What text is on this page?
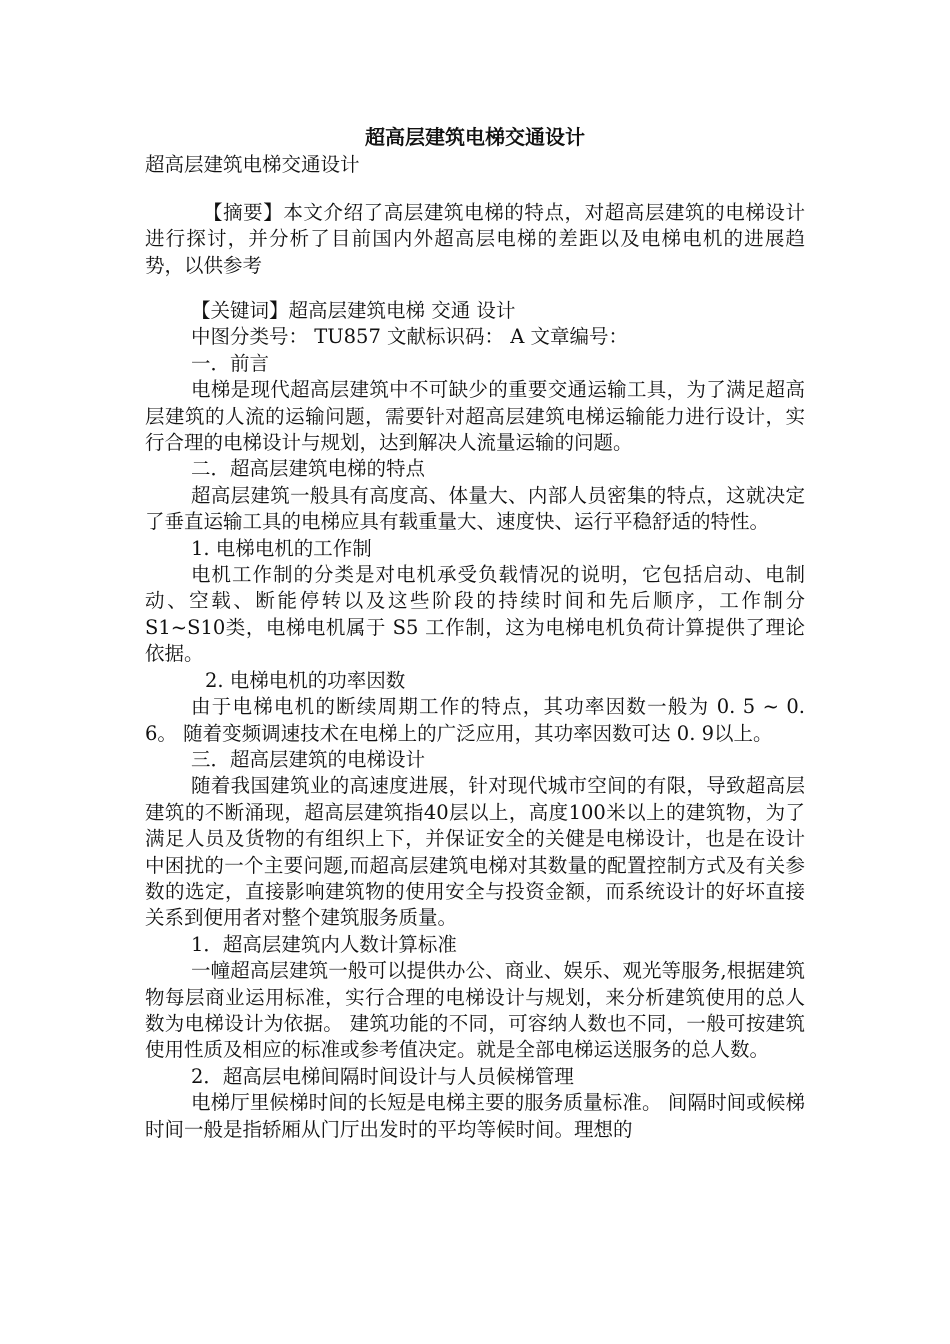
超高层建筑电梯交通设计
超高层建筑电梯交通设计

【摘要】本文介绍了高层建筑电梯的特点，对超高层建筑的电梯设计进行探讨，并分析了目前国内外超高层电梯的差距以及电梯电机的进展趋势，以供参考

【关键词】超高层建筑电梯 交通 设计
中图分类号： TU857 文献标识码： A 文章编号：
一．前言

电梯是现代超高层建筑中不可缺少的重要交通运输工具，为了满足超高层建筑的人流的运输问题，需要针对超高层建筑电梯运输能力进行设计，实行合理的电梯设计与规划，达到解决人流量运输的问题。

二．超高层建筑电梯的特点

超高层建筑一般具有高度高、体量大、内部人员密集的特点，这就决定了垂直运输工具的电梯应具有载重量大、速度快、运行平稳舒适的特性。

1. 电梯电机的工作制

电机工作制的分类是对电机承受负载情况的说明，它包括启动、电制动、空载、断能停转以及这些阶段的持续时间和先后顺序，工作制分S1~S10类，电梯电机属于 S5 工作制，这为电梯电机负荷计算提供了理论依据。

2. 电梯电机的功率因数

由于电梯电机的断续周期工作的特点，其功率因数一般为 0. 5 ~ 0. 6。 随着变频调速技术在电梯上的广泛应用，其功率因数可达 0. 9以上。

三．超高层建筑的电梯设计

随着我国建筑业的高速度进展，针对现代城市空间的有限，导致超高层建筑的不断涌现，超高层建筑指40层以上，高度100米以上的建筑物，为了满足人员及货物的有组织上下，并保证安全的关健是电梯设计，也是在设计中困扰的一个主要问题,而超高层建筑电梯对其数量的配置控制方式及有关参数的选定，直接影响建筑物的使用安全与投资金额，而系统设计的好坏直接关系到便用者对整个建筑服务质量。

1．超高层建筑内人数计算标准

一幢超高层建筑一般可以提供办公、商业、娱乐、观光等服务,根据建筑物每层商业运用标准，实行合理的电梯设计与规划，来分析建筑使用的总人数为电梯设计为依据。 建筑功能的不同，可容纳人数也不同，一般可按建筑使用性质及相应的标准或参考值决定。就是全部电梯运送服务的总人数。

2．超高层电梯间隔时间设计与人员候梯管理

电梯厅里候梯时间的长短是电梯主要的服务质量标准。 间隔时间或候梯时间一般是指轿厢从门厅出发时的平均等候时间。理想的
